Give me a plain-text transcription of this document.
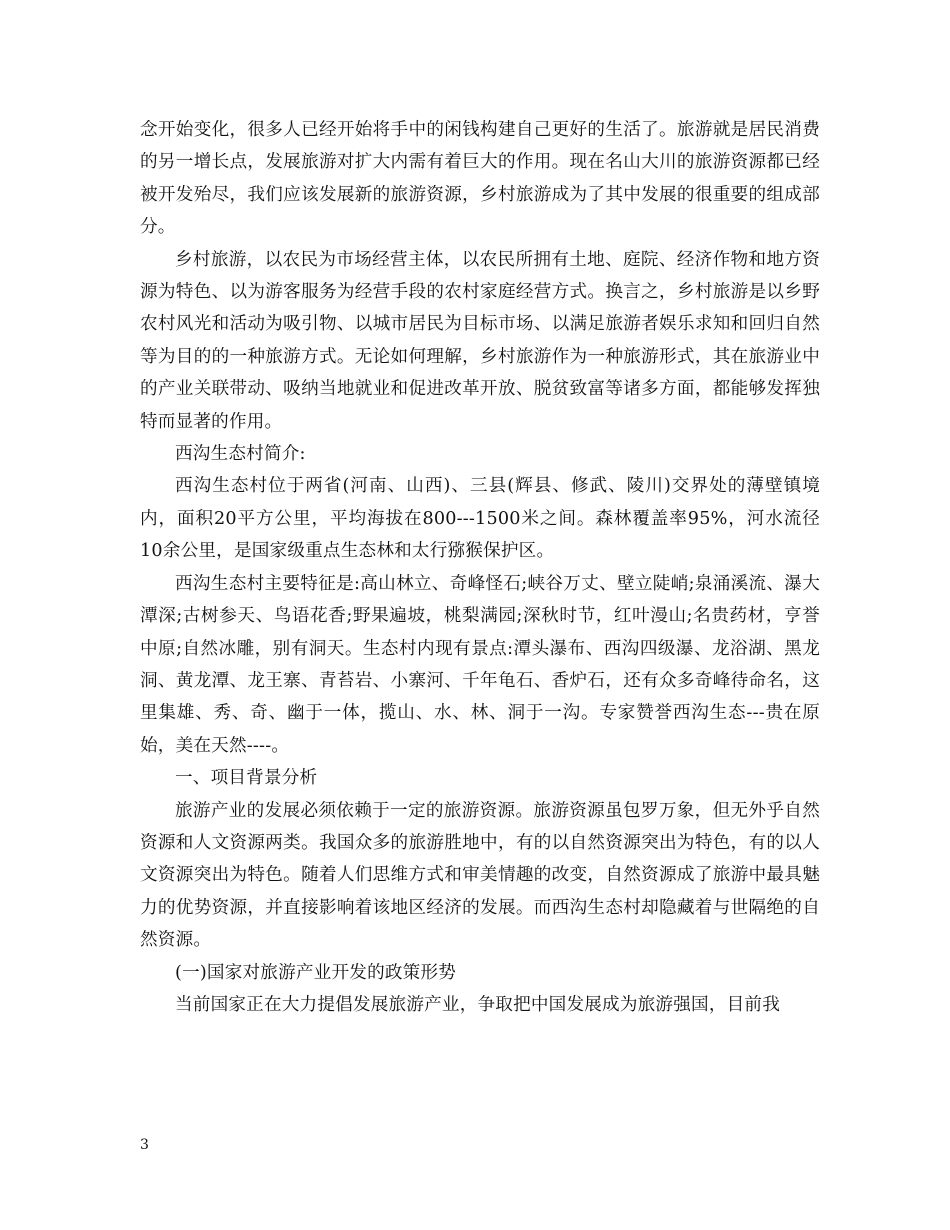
念开始变化，很多人已经开始将手中的闲钱构建自己更好的生活了。旅游就是居民消费的另一增长点，发展旅游对扩大内需有着巨大的作用。现在名山大川的旅游资源都已经被开发殆尽，我们应该发展新的旅游资源，乡村旅游成为了其中发展的很重要的组成部分。

乡村旅游，以农民为市场经营主体，以农民所拥有土地、庭院、经济作物和地方资源为特色、以为游客服务为经营手段的农村家庭经营方式。换言之，乡村旅游是以乡野农村风光和活动为吸引物、以城市居民为目标市场、以满足旅游者娱乐求知和回归自然等为目的的一种旅游方式。无论如何理解，乡村旅游作为一种旅游形式，其在旅游业中的产业关联带动、吸纳当地就业和促进改革开放、脱贫致富等诸多方面，都能够发挥独特而显著的作用。

西沟生态村简介:

西沟生态村位于两省(河南、山西)、三县(辉县、修武、陵川)交界处的薄壁镇境内，面积20平方公里，平均海拔在800---1500米之间。森林覆盖率95%，河水流径10余公里，是国家级重点生态林和太行猕猴保护区。

西沟生态村主要特征是:高山林立、奇峰怪石;峡谷万丈、壁立陡峭;泉涌溪流、瀑大潭深;古树参天、鸟语花香;野果遍坡，桃梨满园;深秋时节，红叶漫山;名贵药材，亨誉中原;自然冰雕，别有洞天。生态村内现有景点:潭头瀑布、西沟四级瀑、龙浴湖、黑龙洞、黄龙潭、龙王寨、青苔岩、小寨河、千年龟石、香炉石，还有众多奇峰待命名，这里集雄、秀、奇、幽于一体，揽山、水、林、洞于一沟。专家赞誉西沟生态---贵在原始，美在天然----。

一、项目背景分析

旅游产业的发展必须依赖于一定的旅游资源。旅游资源虽包罗万象，但无外乎自然资源和人文资源两类。我国众多的旅游胜地中，有的以自然资源突出为特色，有的以人文资源突出为特色。随着人们思维方式和审美情趣的改变，自然资源成了旅游中最具魅力的优势资源，并直接影响着该地区经济的发展。而西沟生态村却隐藏着与世隔绝的自然资源。

(一)国家对旅游产业开发的政策形势

当前国家正在大力提倡发展旅游产业，争取把中国发展成为旅游强国，目前我

3
